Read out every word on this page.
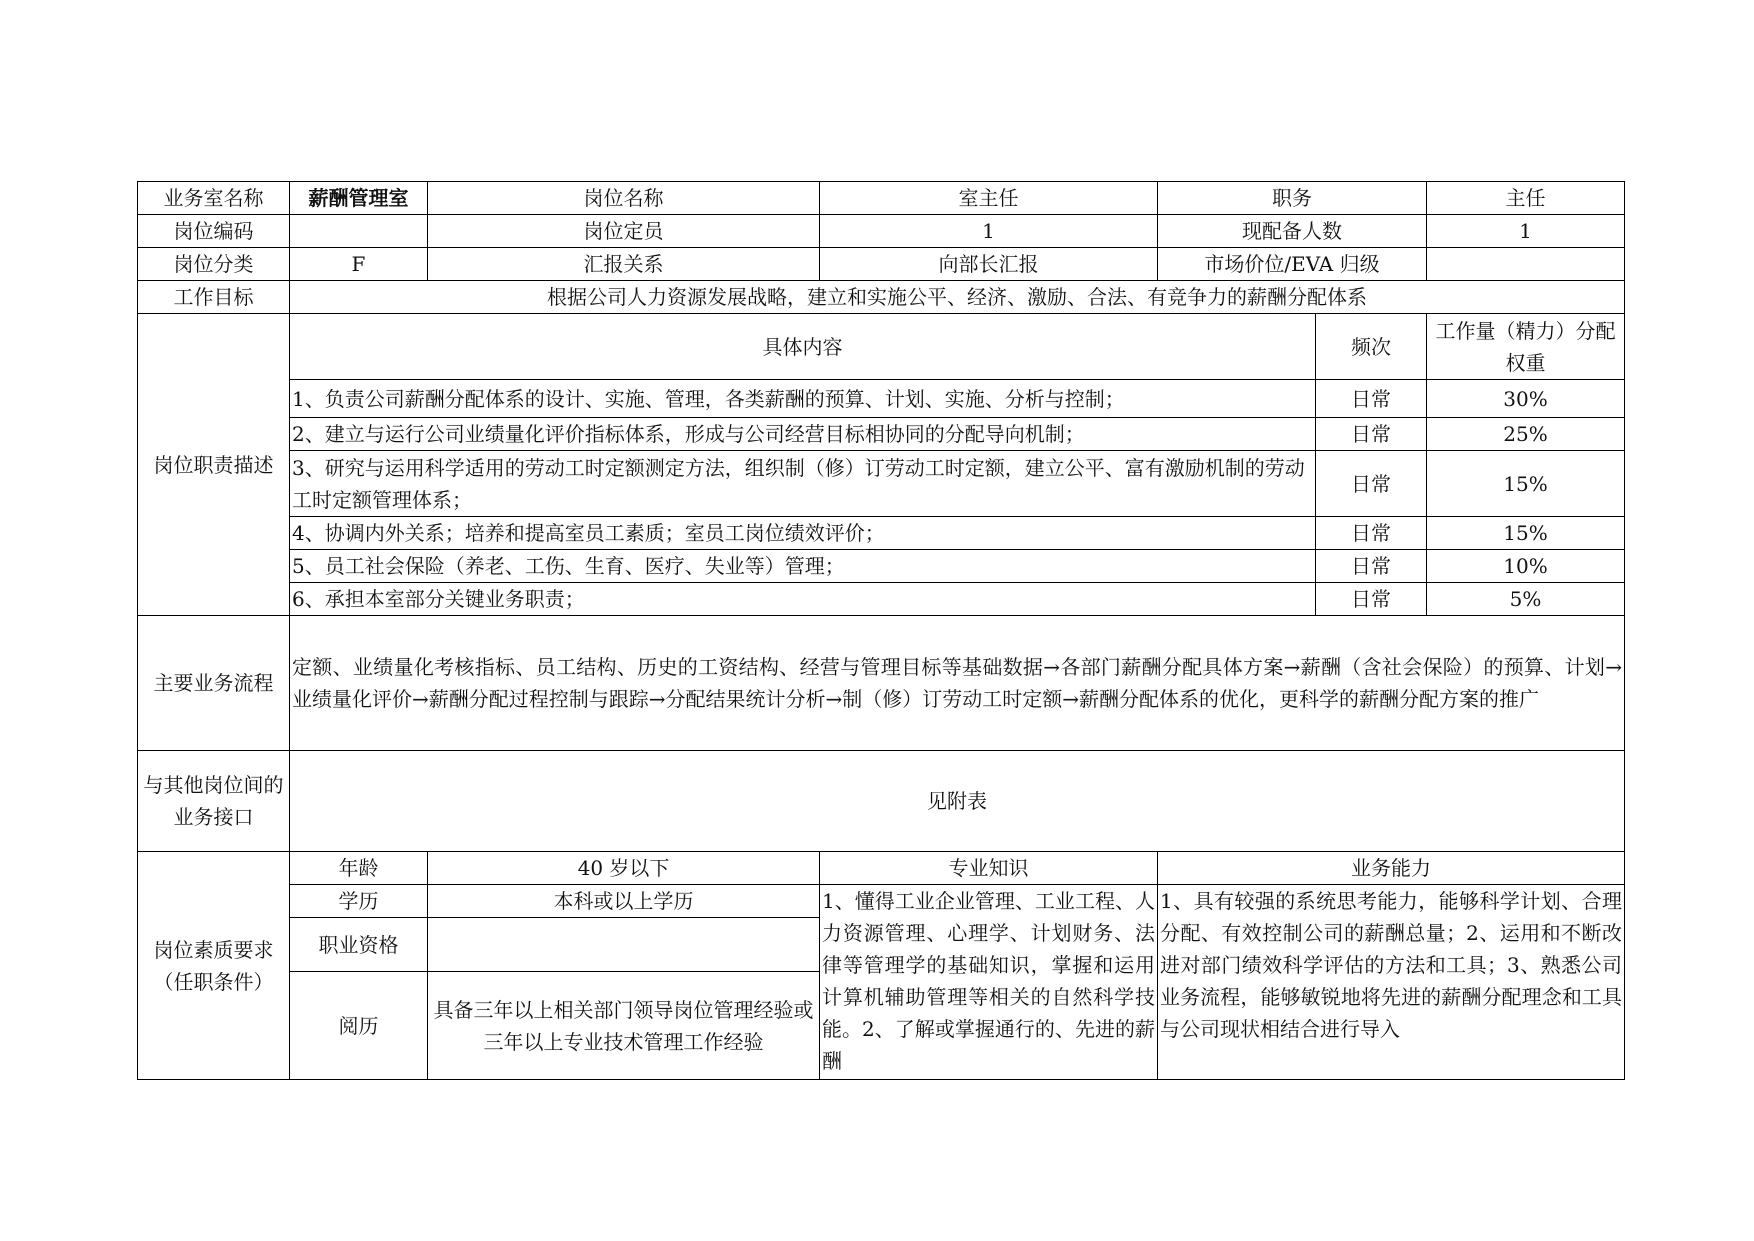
业务室名称	薪酬管理室	岗位名称	室主任	职务		主任
岗位编码		岗位定员	1	现配备人数		1
岗位分类	F	汇报关系	向部长汇报	市场价位/EVA 归级		
工作目标	根据公司人力资源发展战略，建立和实施公平、经济、激励、合法、有竞争力的薪酬分配体系					
岗位职责描述	具体内容				频次	工作量（精力）分配权重
	1、负责公司薪酬分配体系的设计、实施、管理，各类薪酬的预算、计划、实施、分析与控制；				日常	30%
	2、建立与运行公司业绩量化评价指标体系，形成与公司经营目标相协同的分配导向机制；				日常	25%
	3、研究与运用科学适用的劳动工时定额测定方法，组织制（修）订劳动工时定额，建立公平、富有激励机制的劳动工时定额管理体系；				日常	15%
	4、协调内外关系；培养和提高室员工素质；室员工岗位绩效评价；				日常	15%
	5、员工社会保险（养老、工伤、生育、医疗、失业等）管理；				日常	10%
	6、承担本室部分关键业务职责；				日常	5%
主要业务流程	定额、业绩量化考核指标、员工结构、历史的工资结构、经营与管理目标等基础数据→各部门薪酬分配具体方案→薪酬（含社会保险）的预算、计划→业绩量化评价→薪酬分配过程控制与跟踪→分配结果统计分析→制（修）订劳动工时定额→薪酬分配体系的优化，更科学的薪酬分配方案的推广					
与其他岗位间的业务接口	见附表					
岗位素质要求（任职条件）	年龄	40 岁以下	专业知识	业务能力		
	学历	本科或以上学历	1、懂得工业企业管理、工业工程、人力资源管理、心理学、计划财务、法律等管理学的基础知识，掌握和运用计算机辅助管理等相关的自然科学技能。2、了解或掌握通行的、先进的薪酬	1、具有较强的系统思考能力，能够科学计划、合理分配、有效控制公司的薪酬总量；2、运用和不断改进对部门绩效科学评估的方法和工具；3、熟悉公司业务流程，能够敏锐地将先进的薪酬分配理念和工具与公司现状相结合进行导入		
	职业资格					
	阅历	具备三年以上相关部门领导岗位管理经验或三年以上专业技术管理工作经验				
